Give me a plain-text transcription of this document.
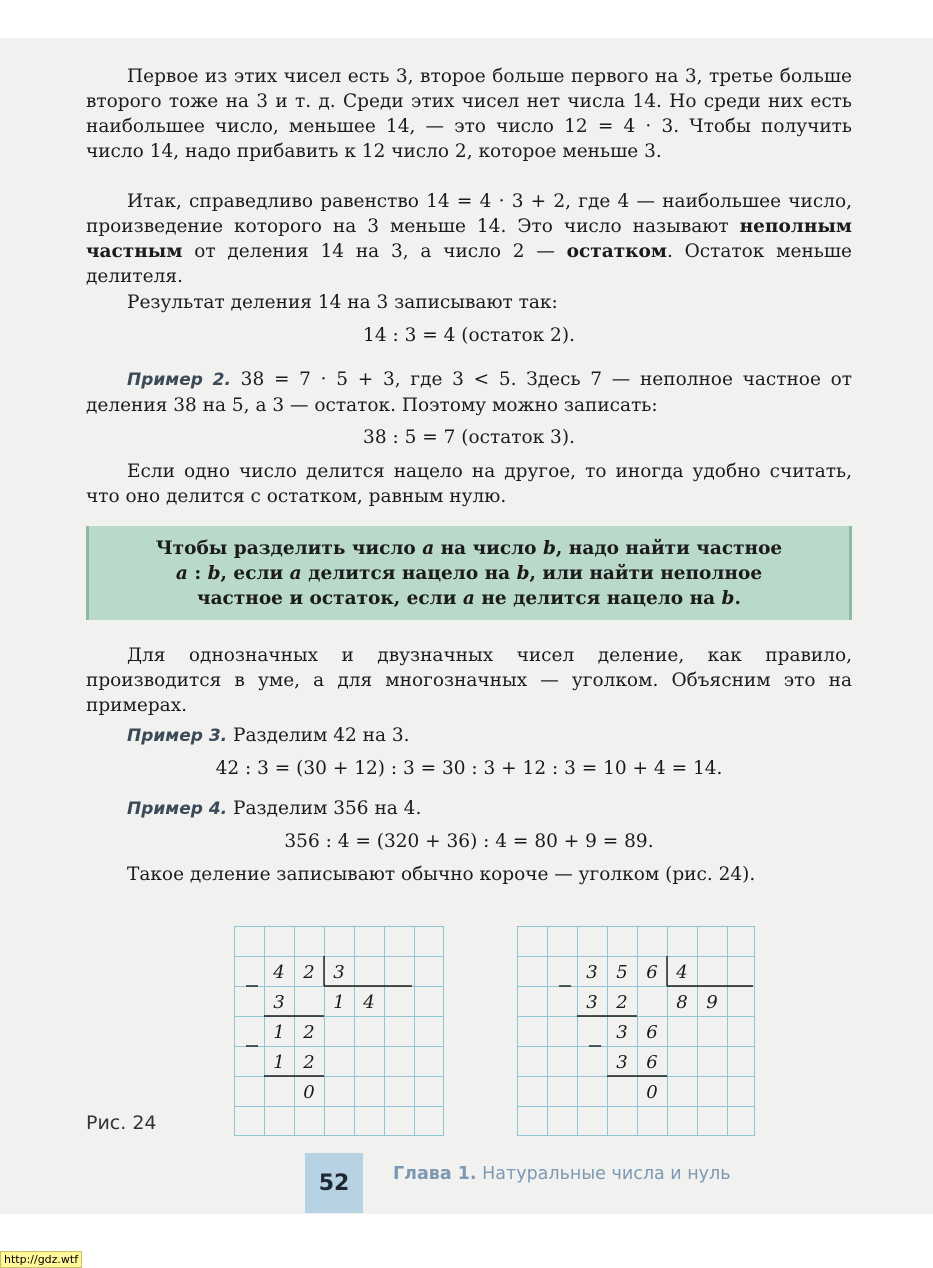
Первое из этих чисел есть 3, второе больше первого на 3, третье больше второго тоже на 3 и т. д. Среди этих чисел нет числа 14. Но среди них есть наибольшее число, меньшее 14, — это число 12 = 4 · 3. Чтобы получить число 14, надо прибавить к 12 число 2, которое меньше 3.

Итак, справедливо равенство 14 = 4 · 3 + 2, где 4 — наибольшее число, произведение которого на 3 меньше 14. Это число называют неполным частным от деления 14 на 3, а число 2 — остатком. Остаток меньше делителя.

Результат деления 14 на 3 записывают так:

14 : 3 = 4 (остаток 2).

Пример 2. 38 = 7 · 5 + 3, где 3 < 5. Здесь 7 — неполное частное от деления 38 на 5, а 3 — остаток. Поэтому можно записать:

38 : 5 = 7 (остаток 3).

Если одно число делится нацело на другое, то иногда удобно считать, что оно делится с остатком, равным нулю.

Чтобы разделить число a на число b, надо найти частное
a : b, если a делится нацело на b, или найти неполное
частное и остаток, если a не делится нацело на b.

Для однозначных и двузначных чисел деление, как правило, производится в уме, а для многозначных — уголком. Объясним это на примерах.

Пример 3. Разделим 42 на 3.

42 : 3 = (30 + 12) : 3 = 30 : 3 + 12 : 3 = 10 + 4 = 14.

Пример 4. Разделим 356 на 4.

356 : 4 = (320 + 36) : 4 = 80 + 9 = 89.

Такое деление записывают обычно короче — уголком (рис. 24).

Рис. 24
4 2 3
3	1 4
1 2
1 2
0
3 5 6 4
3 2	8 9
3 6
3 6
0
52	Глава 1. Натуральные числа и нуль
http://gdz.wtf
